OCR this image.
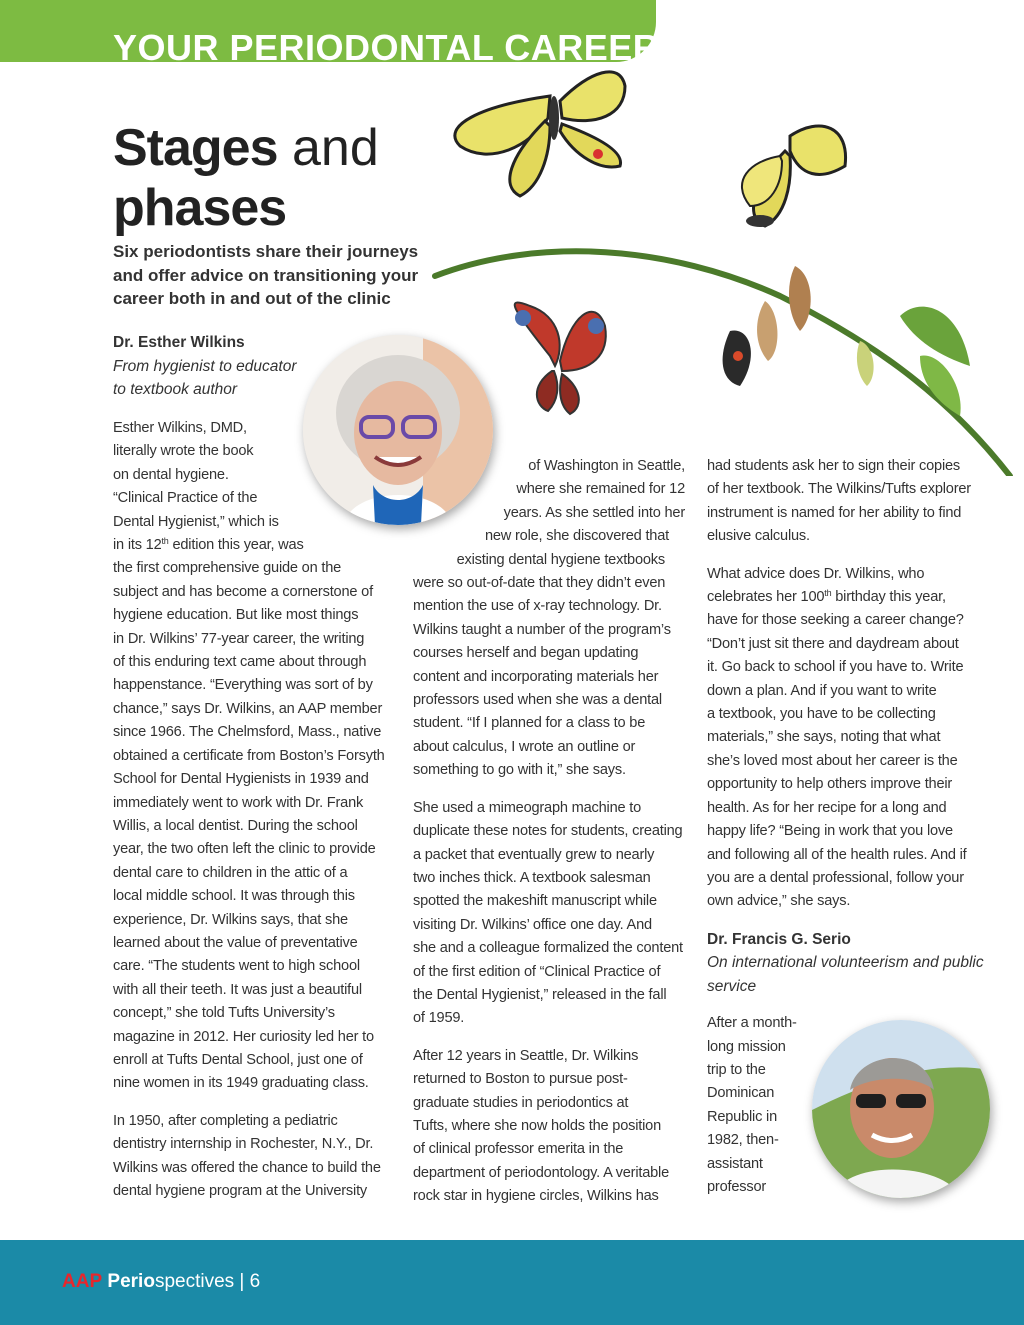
YOUR PERIODONTAL CAREER
Stages and
phases
Six periodontists share their journeys and offer advice on transitioning your career both in and out of the clinic
Dr. Esther Wilkins
From hygienist to educator
to textbook author

Esther Wilkins, DMD,
literally wrote the book
on dental hygiene.
“Clinical Practice of the
Dental Hygienist,” which is
in its 12th edition this year, was
the first comprehensive guide on the
subject and has become a cornerstone of
hygiene education. But like most things
in Dr. Wilkins’ 77-year career, the writing
of this enduring text came about through
happenstance. “Everything was sort of by
chance,” says Dr. Wilkins, an AAP member
since 1966. The Chelmsford, Mass., native
obtained a certificate from Boston’s Forsyth
School for Dental Hygienists in 1939 and
immediately went to work with Dr. Frank
Willis, a local dentist. During the school
year, the two often left the clinic to provide
dental care to children in the attic of a
local middle school. It was through this
experience, Dr. Wilkins says, that she
learned about the value of preventative
care. “The students went to high school
with all their teeth. It was just a beautiful
concept,” she told Tufts University’s
magazine in 2012. Her curiosity led her to
enroll at Tufts Dental School, just one of
nine women in its 1949 graduating class.

In 1950, after completing a pediatric
dentistry internship in Rochester, N.Y., Dr.
Wilkins was offered the chance to build the
dental hygiene program at the University

of Washington in Seattle,
where she remained for 12
years. As she settled into her
new role, she discovered that
existing dental hygiene textbooks
were so out-of-date that they didn’t even
mention the use of x-ray technology. Dr.
Wilkins taught a number of the program’s
courses herself and began updating
content and incorporating materials her
professors used when she was a dental
student. “If I planned for a class to be
about calculus, I wrote an outline or
something to go with it,” she says.

She used a mimeograph machine to
duplicate these notes for students, creating
a packet that eventually grew to nearly
two inches thick. A textbook salesman
spotted the makeshift manuscript while
visiting Dr. Wilkins’ office one day. And
she and a colleague formalized the content
of the first edition of “Clinical Practice of
the Dental Hygienist,” released in the fall
of 1959.

After 12 years in Seattle, Dr. Wilkins
returned to Boston to pursue post-
graduate studies in periodontics at
Tufts, where she now holds the position
of clinical professor emerita in the
department of periodontology. A veritable
rock star in hygiene circles, Wilkins has

had students ask her to sign their copies
of her textbook. The Wilkins/Tufts explorer
instrument is named for her ability to find
elusive calculus.

What advice does Dr. Wilkins, who
celebrates her 100th birthday this year,
have for those seeking a career change?
“Don’t just sit there and daydream about
it. Go back to school if you have to. Write
down a plan. And if you want to write
a textbook, you have to be collecting
materials,” she says, noting that what
she’s loved most about her career is the
opportunity to help others improve their
health. As for her recipe for a long and
happy life? “Being in work that you love
and following all of the health rules. And if
you are a dental professional, follow your
own advice,” she says.

Dr. Francis G. Serio
On international volunteerism and public
service

After a month-
long mission
trip to the
Dominican
Republic in
1982, then-
assistant
professor

AAP Periospectives | 6
